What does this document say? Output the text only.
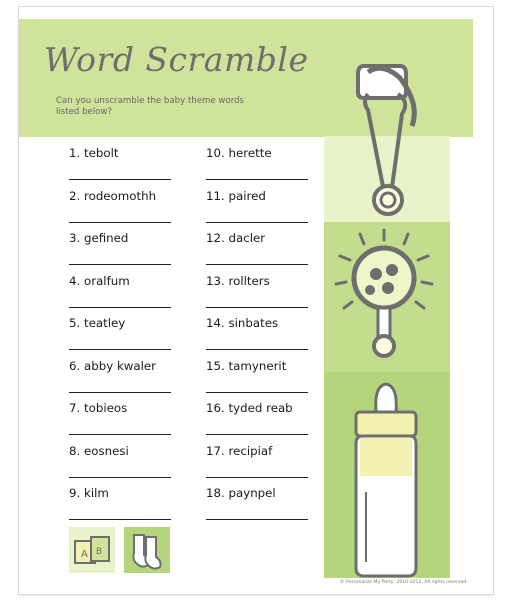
Word Scramble
Can you unscramble the baby theme words listed below?
1. tebolt
2. rodeomothh
3. gefined
4. oralfum
5. teatley
6. abby kwaler
7. tobieos
8. eosnesi
9. kilm
10. herette
11. paired
12. dacler
13. rollters
14. sinbates
15. tamynerit
16. tyded reab
17. recipiaf
18. paynpel
A B
© Personalize My Party, 2010-2012. All rights reserved.
